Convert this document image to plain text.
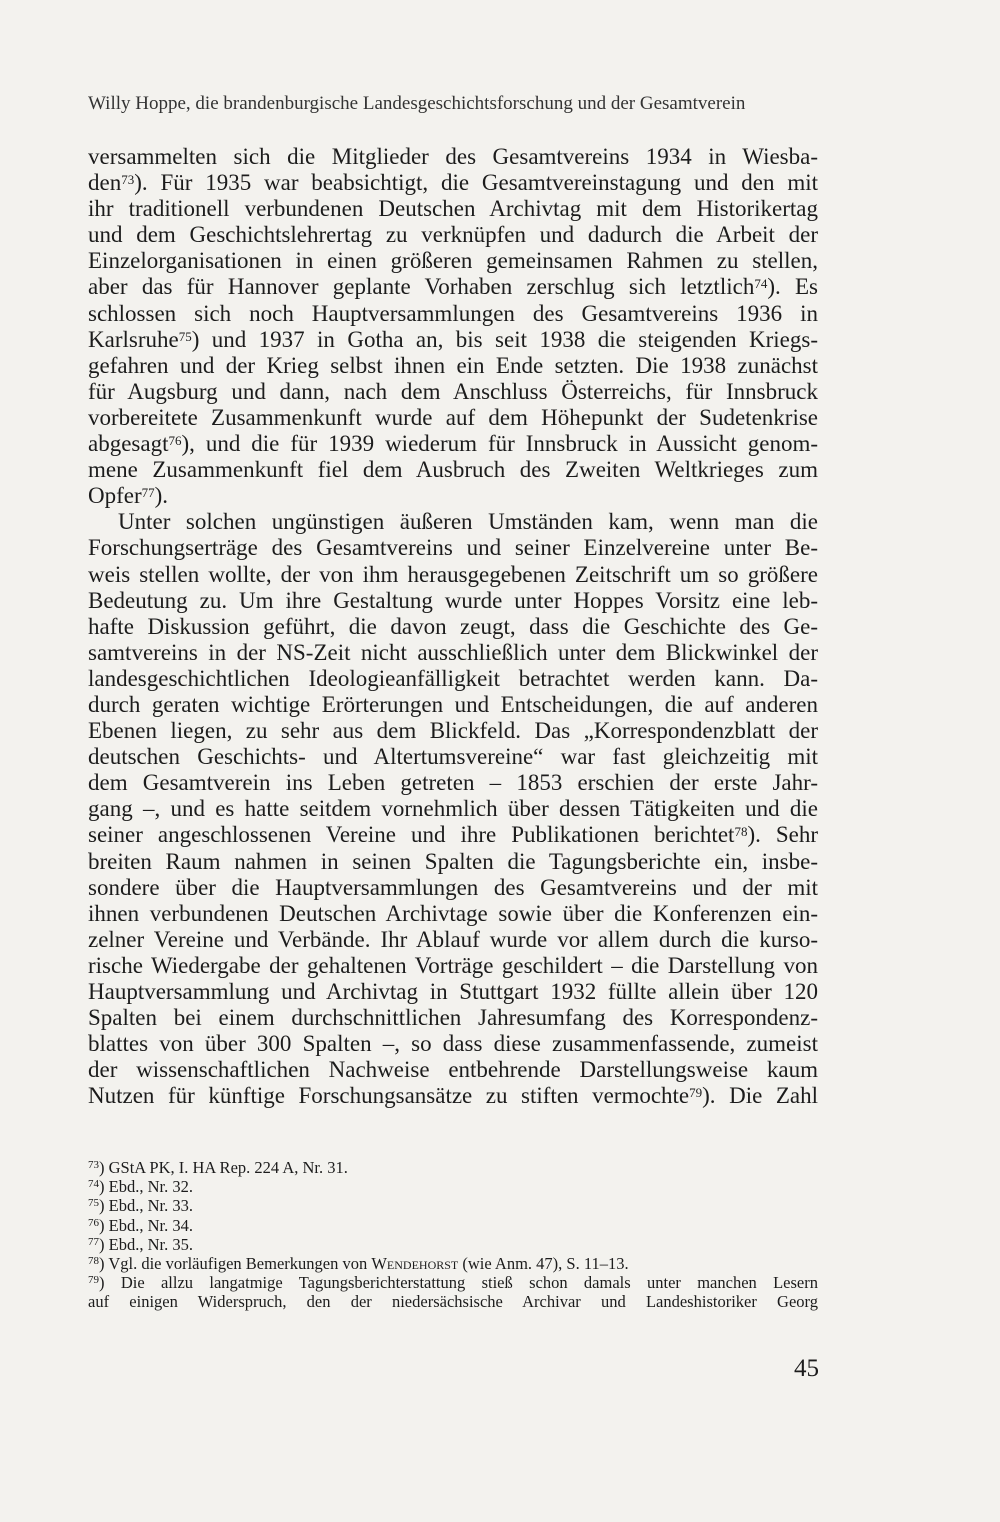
Willy Hoppe, die brandenburgische Landesgeschichtsforschung und der Gesamtverein
versammelten sich die Mitglieder des Gesamtvereins 1934 in Wiesba-
den$^{73}$). Für 1935 war beabsichtigt, die Gesamtvereinstagung und den mit
ihr traditionell verbundenen Deutschen Archivtag mit dem Historikertag
und dem Geschichtslehrertag zu verknüpfen und dadurch die Arbeit der
Einzelorganisationen in einen größeren gemeinsamen Rahmen zu stellen,
aber das für Hannover geplante Vorhaben zerschlug sich letztlich$^{74}$). Es
schlossen sich noch Hauptversammlungen des Gesamtvereins 1936 in
Karlsruhe$^{75}$) und 1937 in Gotha an, bis seit 1938 die steigenden Kriegs-
gefahren und der Krieg selbst ihnen ein Ende setzten. Die 1938 zunächst
für Augsburg und dann, nach dem Anschluss Österreichs, für Innsbruck
vorbereitete Zusammenkunft wurde auf dem Höhepunkt der Sudetenkrise
abgesagt$^{76}$), und die für 1939 wiederum für Innsbruck in Aussicht genom-
mene Zusammenkunft fiel dem Ausbruch des Zweiten Weltkrieges zum
Opfer$^{77}$).
Unter solchen ungünstigen äußeren Umständen kam, wenn man die
Forschungserträge des Gesamtvereins und seiner Einzelvereine unter Be-
weis stellen wollte, der von ihm herausgegebenen Zeitschrift um so größere
Bedeutung zu. Um ihre Gestaltung wurde unter Hoppes Vorsitz eine leb-
hafte Diskussion geführt, die davon zeugt, dass die Geschichte des Ge-
samtvereins in der NS-Zeit nicht ausschließlich unter dem Blickwinkel der
landesgeschichtlichen Ideologieanfälligkeit betrachtet werden kann. Da-
durch geraten wichtige Erörterungen und Entscheidungen, die auf anderen
Ebenen liegen, zu sehr aus dem Blickfeld. Das „Korrespondenzblatt der
deutschen Geschichts- und Altertumsvereine“ war fast gleichzeitig mit
dem Gesamtverein ins Leben getreten – 1853 erschien der erste Jahr-
gang –, und es hatte seitdem vornehmlich über dessen Tätigkeiten und die
seiner angeschlossenen Vereine und ihre Publikationen berichtet$^{78}$). Sehr
breiten Raum nahmen in seinen Spalten die Tagungsberichte ein, insbe-
sondere über die Hauptversammlungen des Gesamtvereins und der mit
ihnen verbundenen Deutschen Archivtage sowie über die Konferenzen ein-
zelner Vereine und Verbände. Ihr Ablauf wurde vor allem durch die kurso-
rische Wiedergabe der gehaltenen Vorträge geschildert – die Darstellung von
Hauptversammlung und Archivtag in Stuttgart 1932 füllte allein über 120
Spalten bei einem durchschnittlichen Jahresumfang des Korrespondenz-
blattes von über 300 Spalten –, so dass diese zusammenfassende, zumeist
der wissenschaftlichen Nachweise entbehrende Darstellungsweise kaum
Nutzen für künftige Forschungsansätze zu stiften vermochte$^{79}$). Die Zahl
$^{73}$) GStA PK, I. HA Rep. 224 A, Nr. 31.
$^{74}$) Ebd., Nr. 32.
$^{75}$) Ebd., Nr. 33.
$^{76}$) Ebd., Nr. 34.
$^{77}$) Ebd., Nr. 35.
$^{78}$) Vgl. die vorläufigen Bemerkungen von Wendehorst (wie Anm. 47), S. 11–13.
$^{79}$) Die allzu langatmige Tagungsberichterstattung stieß schon damals unter manchen Lesern
auf einigen Widerspruch, den der niedersächsische Archivar und Landeshistoriker Georg
45
